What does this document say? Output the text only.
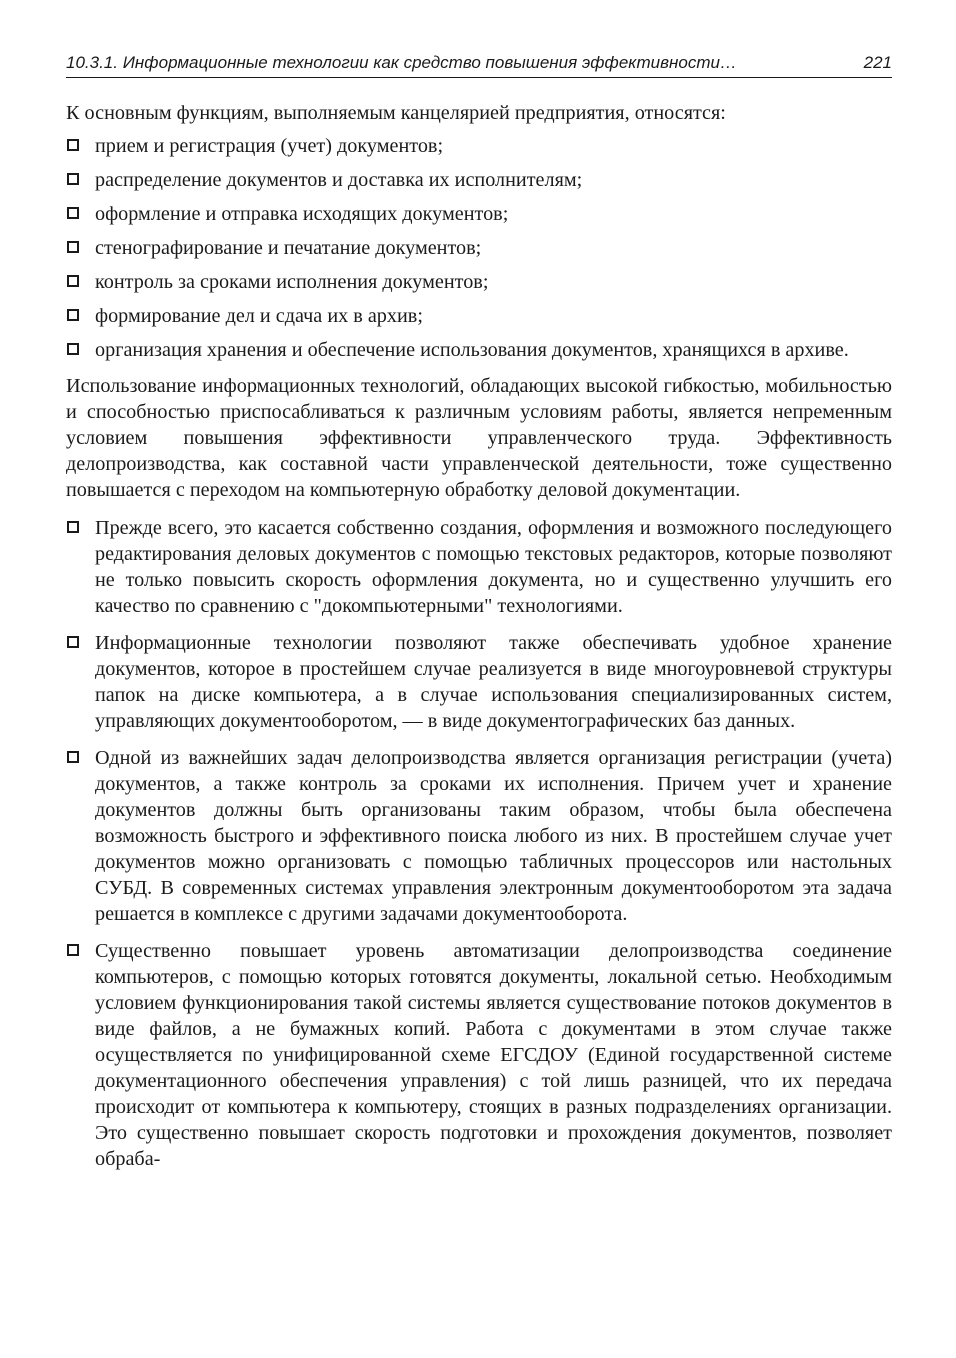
10.3.1. Информационные технологии как средство повышения эффективности…	221

К основным функциям, выполняемым канцелярией предприятия, относятся:

прием и регистрация (учет) документов;
распределение документов и доставка их исполнителям;
оформление и отправка исходящих документов;
стенографирование и печатание документов;
контроль за сроками исполнения документов;
формирование дел и сдача их в архив;
организация хранения и обеспечение использования документов, хранящихся в архиве.

Использование информационных технологий, обладающих высокой гибкостью, мобильностью и способностью приспосабливаться к различным условиям работы, является непременным условием повышения эффективности управленческого труда. Эффективность делопроизводства, как составной части управленческой деятельности, тоже существенно повышается с переходом на компьютерную обработку деловой документации.

Прежде всего, это касается собственно создания, оформления и возможного последующего редактирования деловых документов с помощью текстовых редакторов, которые позволяют не только повысить скорость оформления документа, но и существенно улучшить его качество по сравнению с "докомпьютерными" технологиями.
Информационные технологии позволяют также обеспечивать удобное хранение документов, которое в простейшем случае реализуется в виде многоуровневой структуры папок на диске компьютера, а в случае использования специализированных систем, управляющих документооборотом, — в виде документографических баз данных.
Одной из важнейших задач делопроизводства является организация регистрации (учета) документов, а также контроль за сроками их исполнения. Причем учет и хранение документов должны быть организованы таким образом, чтобы была обеспечена возможность быстрого и эффективного поиска любого из них. В простейшем случае учет документов можно организовать с помощью табличных процессоров или настольных СУБД. В современных системах управления электронным документооборотом эта задача решается в комплексе с другими задачами документооборота.
Существенно повышает уровень автоматизации делопроизводства соединение компьютеров, с помощью которых готовятся документы, локальной сетью. Необходимым условием функционирования такой системы является существование потоков документов в виде файлов, а не бумажных копий. Работа с документами в этом случае также осуществляется по унифицированной схеме ЕГСДОУ (Единой государственной системе документационного обеспечения управления) с той лишь разницей, что их передача происходит от компьютера к компьютеру, стоящих в разных подразделениях организации. Это существенно повышает скорость подготовки и прохождения документов, позволяет обраба-
